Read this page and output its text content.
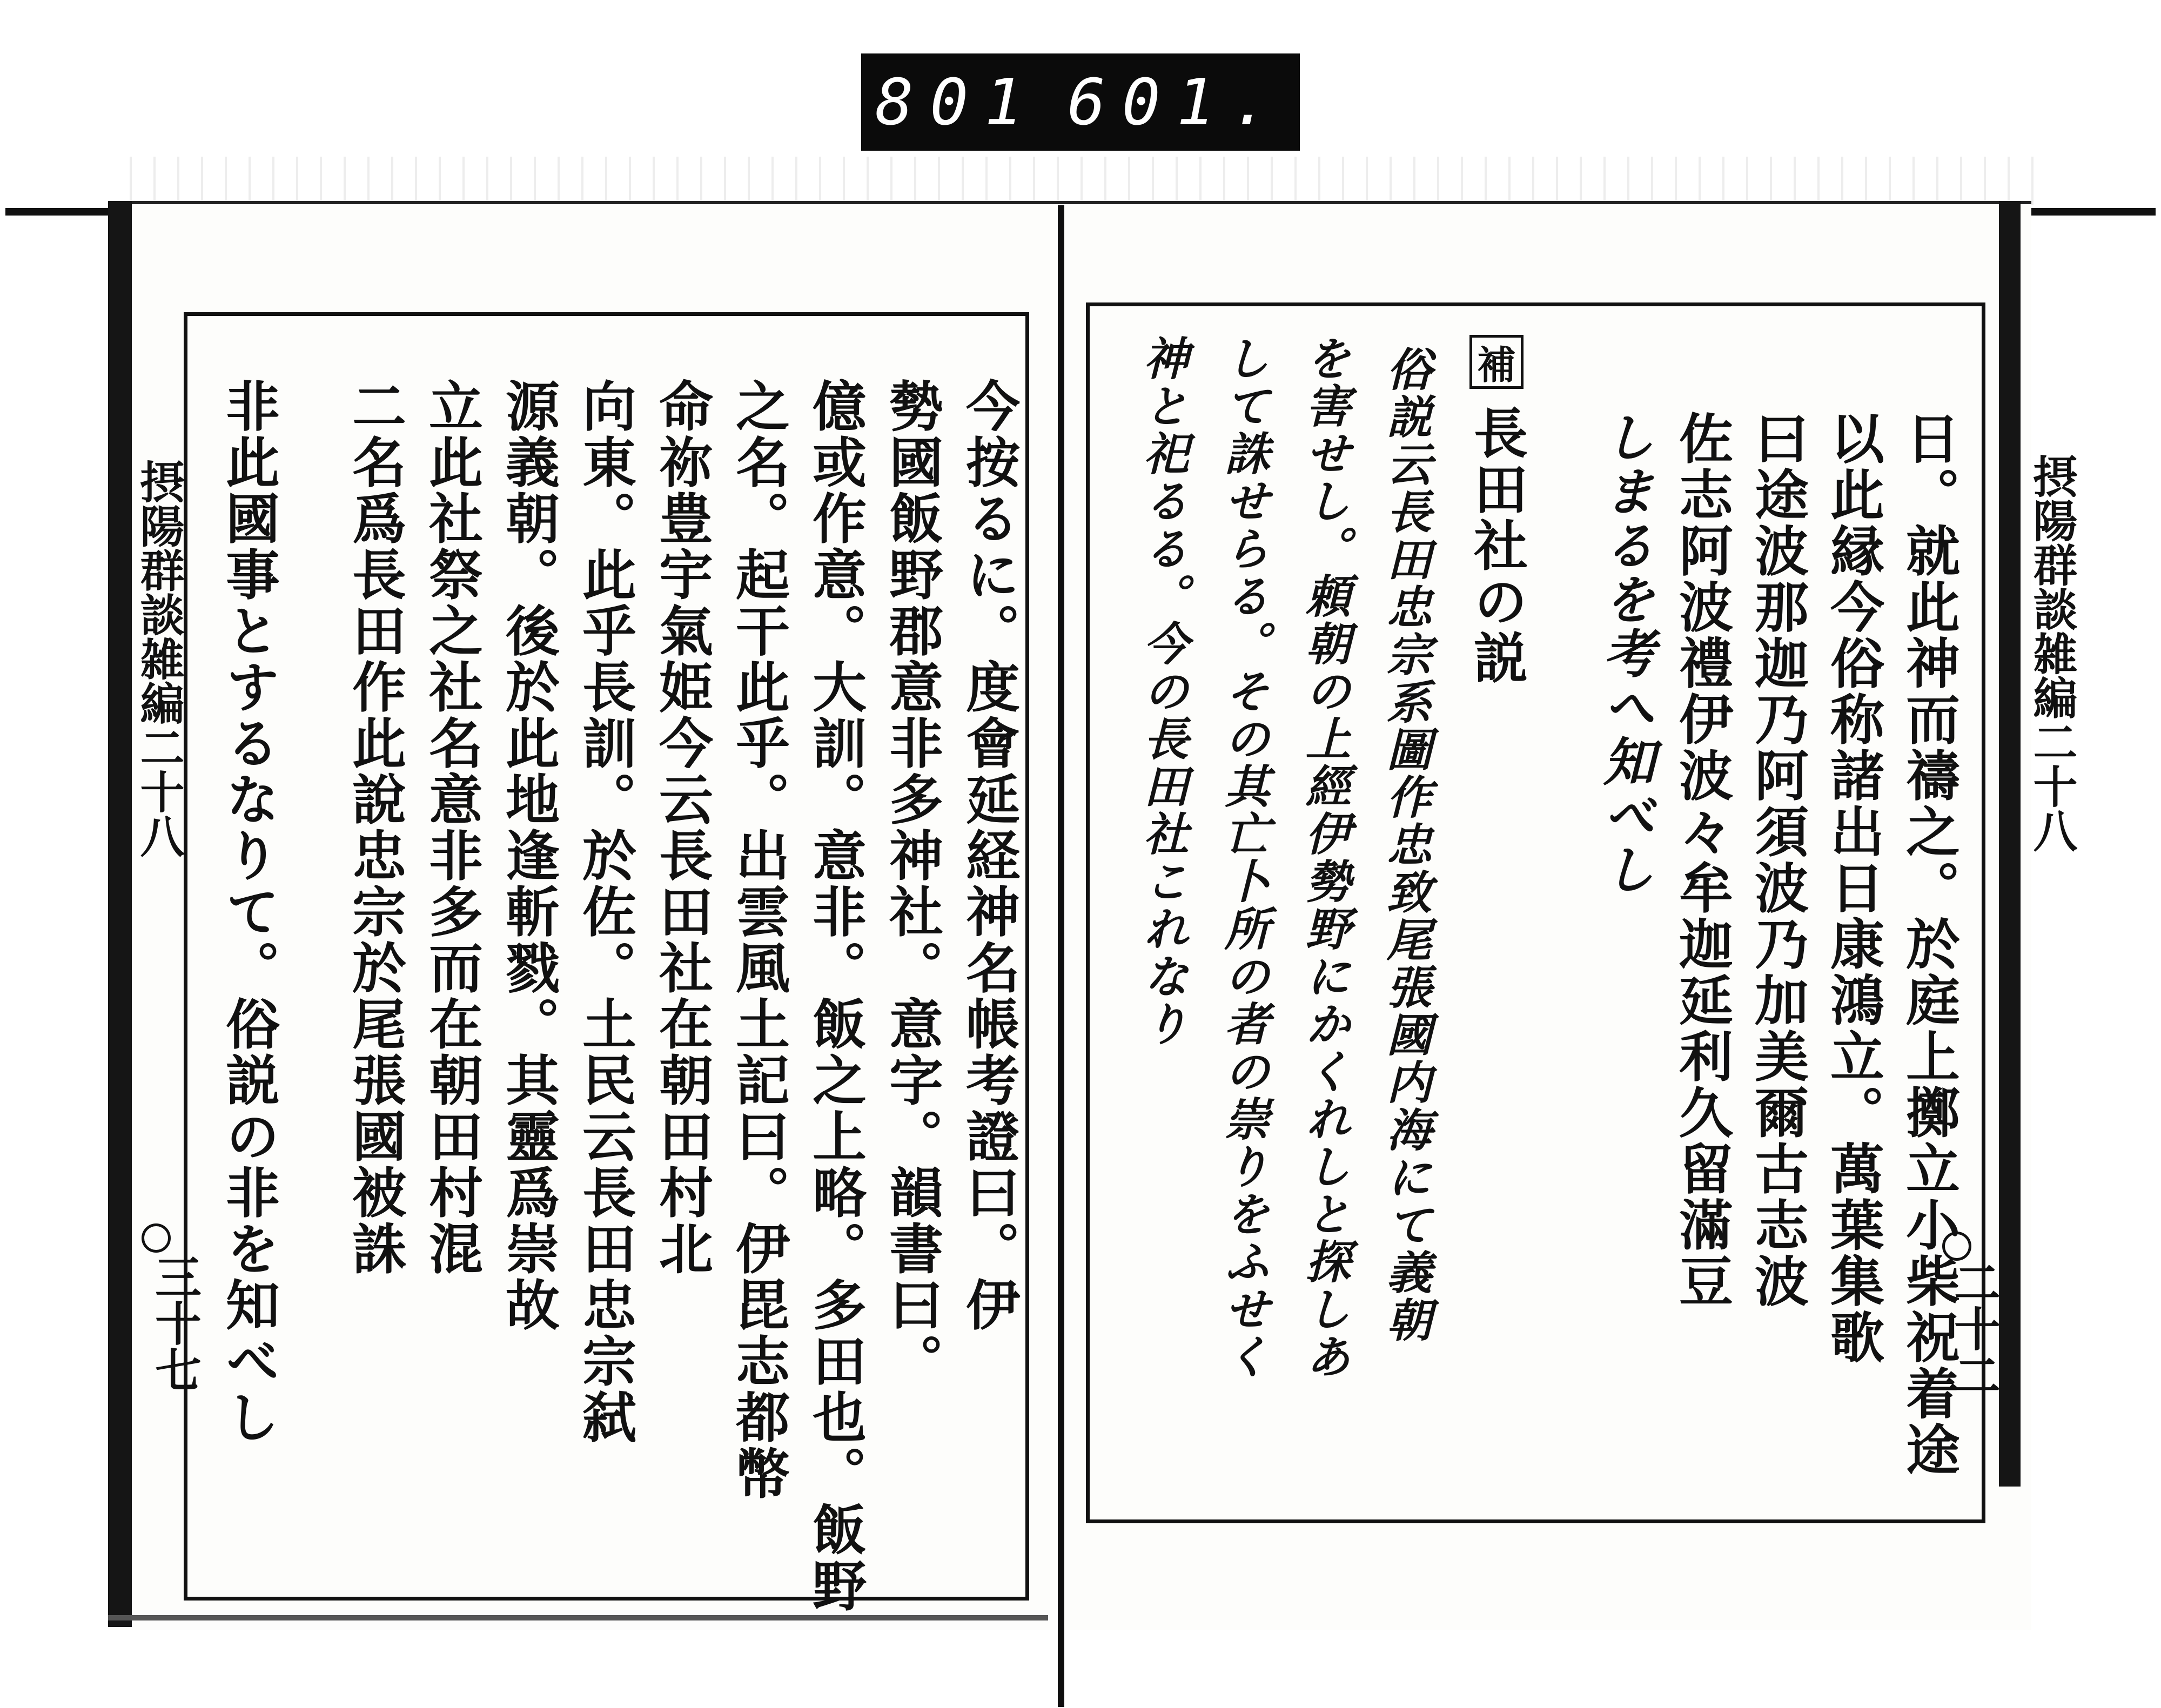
801 601.
摂陽群談雑編二十八
三十七	今按るに。度會延経神名帳考證曰。伊
勢國飯野郡意非多神社。意字。韻書曰。
億或作意。大訓。意非。飯之上略。多田也。飯野
之名。起干此乎。出雲風土記曰。伊毘志都幣
命祢豊宇氣姫今云長田社在朝田村北
向東。此乎長訓。於佐。土民云長田忠宗弑
源義朝。後於此地逢斬戮。其靈爲崇故
立此社祭之社名意非多而在朝田村混
二名爲長田作此說忠宗於尾張國被誅
非此國事とするなりて。俗説の非を知べし	摂陽群談雑編二十八
二十二
日。就此神而禱之。於庭上擲立小柴祝着途
以此縁今俗称諸出日康鴻立。萬葉集歌
曰途波那迦乃阿須波乃加美爾古志波
佐志阿波禮伊波々牟迦延利久留滿豆
しまるを考へ知べし
補
長田社の説
俗説云長田忠宗系圖作忠致尾張國内海にて義朝
を害せし。頼朝の上經伊勢野にかくれしと探しあ
して誅せらる。その其亡卜所の者の崇りをふせく
神と祀るる。今の長田社これなり
